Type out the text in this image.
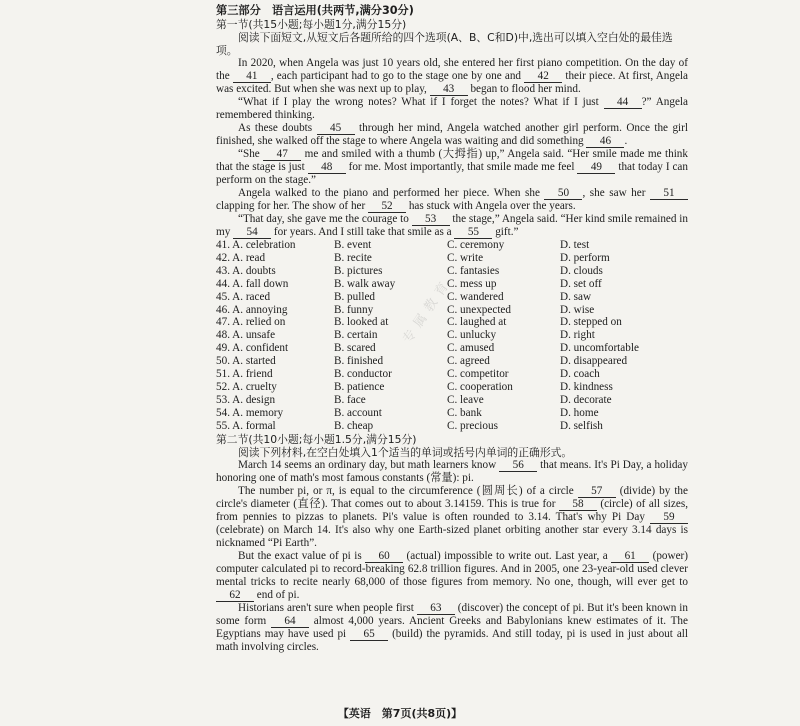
第三部分　语言运用(共两节,满分30分)
第一节(共15小题;每小题1分,满分15分)
阅读下面短文,从短文后各题所给的四个选项(A、B、C和D)中,选出可以填入空白处的最佳选项。

In 2020, when Angela was just 10 years old, she entered her first piano competition. On the day of the 41 , each participant had to go to the stage one by one and 42 their piece. At first, Angela was excited. But when she was next up to play, 43 began to flood her mind.

“What if I play the wrong notes? What if I forget the notes? What if I just 44 ?” Angela remembered thinking.

As these doubts 45 through her mind, Angela watched another girl perform. Once the girl finished, she walked off the stage to where Angela was waiting and did something 46 .

“She 47 me and smiled with a thumb (大拇指) up,” Angela said. “Her smile made me think that the stage is just 48 for me. Most importantly, that smile made me feel 49 that today I can perform on the stage.”

Angela walked to the piano and performed her piece. When she 50 , she saw her 51 clapping for her. The show of her 52 has stuck with Angela over the years.

“That day, she gave me the courage to 53 the stage,” Angela said. “Her kind smile remained in my 54 for years. And I still take that smile as a 55 gift.”

41. A. celebration	B. event	C. ceremony	D. test
42. A. read	B. recite	C. write	D. perform
43. A. doubts	B. pictures	C. fantasies	D. clouds
44. A. fall down	B. walk away	C. mess up	D. set off
45. A. raced	B. pulled	C. wandered	D. saw
46. A. annoying	B. funny	C. unexpected	D. wise
47. A. relied on	B. looked at	C. laughed at	D. stepped on
48. A. unsafe	B. certain	C. unlucky	D. right
49. A. confident	B. scared	C. amused	D. uncomfortable
50. A. started	B. finished	C. agreed	D. disappeared
51. A. friend	B. conductor	C. competitor	D. coach
52. A. cruelty	B. patience	C. cooperation	D. kindness
53. A. design	B. face	C. leave	D. decorate
54. A. memory	B. account	C. bank	D. home
55. A. formal	B. cheap	C. precious	D. selfish
第二节(共10小题;每小题1.5分,满分15分)
阅读下列材料,在空白处填入1个适当的单词或括号内单词的正确形式。

March 14 seems an ordinary day, but math learners know 56 that means. It's Pi Day, a holiday honoring one of math's most famous constants (常量): pi.

The number pi, or π, is equal to the circumference (圆周长) of a circle 57 (divide) by the circle's diameter (直径). That comes out to about 3.14159. This is true for 58 (circle) of all sizes, from pennies to pizzas to planets. Pi's value is often rounded to 3.14. That's why Pi Day 59 (celebrate) on March 14. It's also why one Earth-sized planet orbiting another star every 3.14 days is nicknamed “Pi Earth”.

But the exact value of pi is 60 (actual) impossible to write out. Last year, a 61 (power) computer calculated pi to record-breaking 62.8 trillion figures. And in 2005, one 23-year-old used clever mental tricks to recite nearly 68,000 of those figures from memory. No one, though, will ever get to 62 end of pi.

Historians aren't sure when people first 63 (discover) the concept of pi. But it's been known in some form 64 almost 4,000 years. Ancient Greeks and Babylonians knew estimates of it. The Egyptians may have used pi 65 (build) the pyramids. And still today, pi is used in just about all math involving circles.

专属教育
【英语　第7页(共8页)】
